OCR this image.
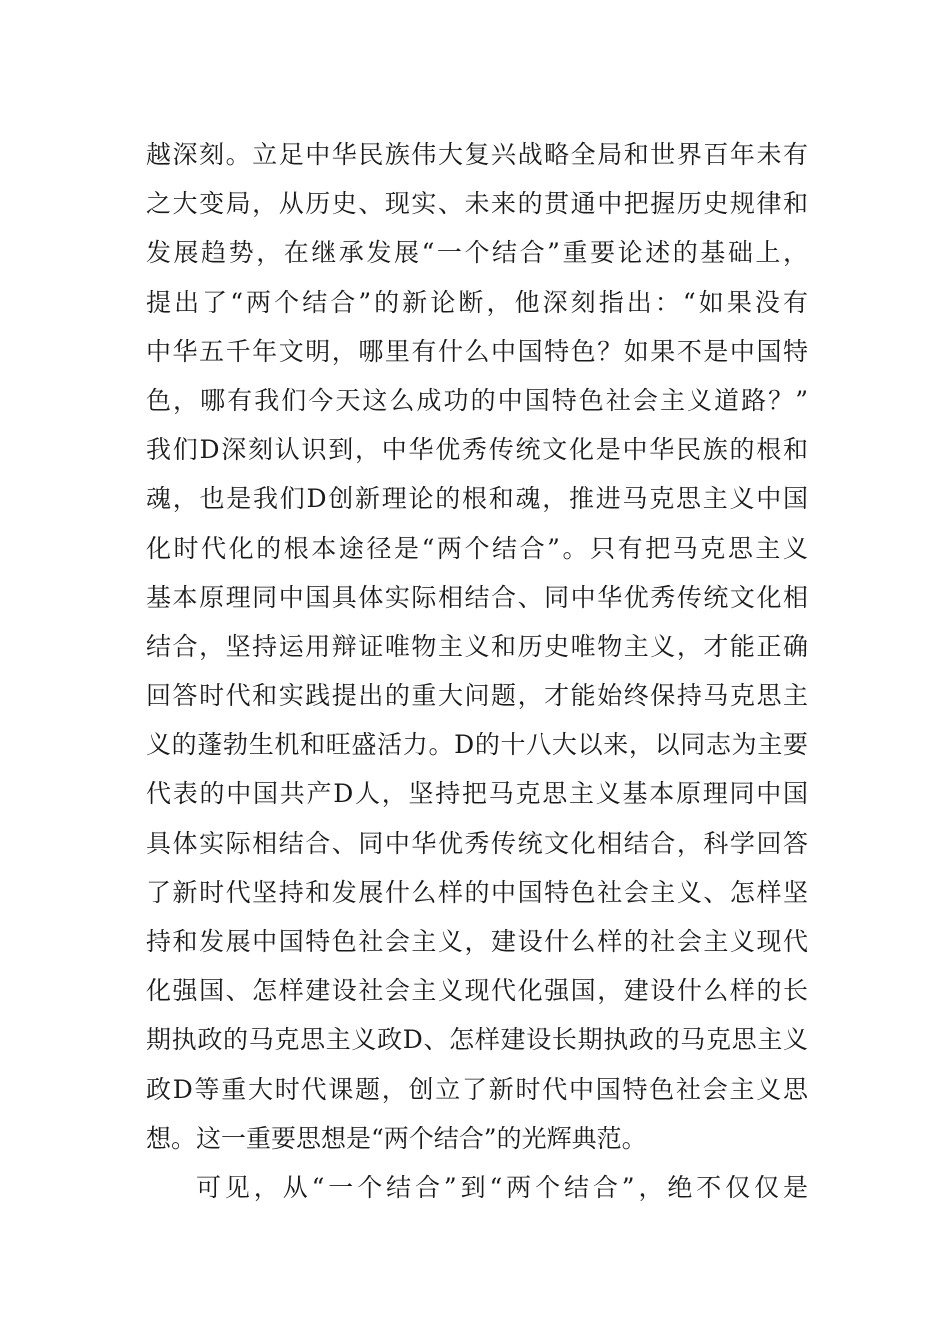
越深刻。立足中华民族伟大复兴战略全局和世界百年未有
之大变局，从历史、现实、未来的贯通中把握历史规律和
发展趋势，在继承发展“一个结合”重要论述的基础上，
提出了“两个结合”的新论断，他深刻指出：“如果没有
中华五千年文明，哪里有什么中国特色？如果不是中国特
色，哪有我们今天这么成功的中国特色社会主义道路？”
我们D深刻认识到，中华优秀传统文化是中华民族的根和
魂，也是我们D创新理论的根和魂，推进马克思主义中国
化时代化的根本途径是“两个结合”。只有把马克思主义
基本原理同中国具体实际相结合、同中华优秀传统文化相
结合，坚持运用辩证唯物主义和历史唯物主义，才能正确
回答时代和实践提出的重大问题，才能始终保持马克思主
义的蓬勃生机和旺盛活力。D的十八大以来，以同志为主要
代表的中国共产D人，坚持把马克思主义基本原理同中国
具体实际相结合、同中华优秀传统文化相结合，科学回答
了新时代坚持和发展什么样的中国特色社会主义、怎样坚
持和发展中国特色社会主义，建设什么样的社会主义现代
化强国、怎样建设社会主义现代化强国，建设什么样的长
期执政的马克思主义政D、怎样建设长期执政的马克思主义
政D等重大时代课题，创立了新时代中国特色社会主义思
想。这一重要思想是“两个结合”的光辉典范。
可见，从“一个结合”到“两个结合”，绝不仅仅是
